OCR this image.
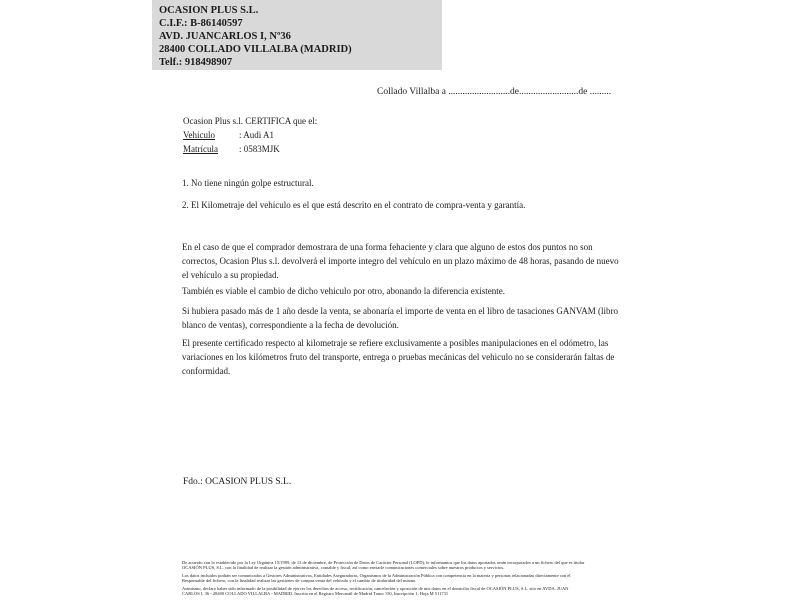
OCASION PLUS S.L.
C.I.F.: B-86140597
AVD. JUANCARLOS I, Nº36
28400 COLLADO VILLALBA (MADRID)
Telf.: 918498907
Collado Villalba a ..........................de.........................de .........
Ocasion Plus s.l. CERTIFICA que el:
Vehículo	: Audi A1
Matrícula	: 0583MJK
1. No tiene ningún golpe estructural.
2. El Kilometraje del vehículo es el que está descrito en el contrato de compra-venta y garantía.
En el caso de que el comprador demostrara de una forma fehaciente y clara que alguno de estos dos puntos no son correctos, Ocasion Plus s.l. devolverá el importe integro del vehículo en un plazo máximo de 48 horas, pasando de nuevo el vehículo a su propiedad.
También es viable el cambio de dicho vehiculo por otro, abonando la diferencia existente.
Si hubiera pasado más de 1 año desde la venta, se abonaría el importe de venta en el libro de tasaciones GANVAM (libro blanco de ventas), correspondiente a la fecha de devolución.
El presente certificado respecto al kilometraje se refiere exclusivamente a posibles manipulaciones en el odómetro, las variaciones en los kilómetros fruto del transporte, entrega o pruebas mecánicas del vehiculo no se considerarán faltas de conformidad.
Fdo.: OCASION PLUS S.L.
De acuerdo con lo establecido por la Ley Orgánica 15/1999, de 13 de diciembre, de Protección de Datos de Carácter Personal (LOPD), le informamos que los datos aportados serán incorporados a un fichero del que es titular
OCASIÓN PLUS, S.L. con la finalidad de realizar la gestión administrativa, contable y fiscal, así como enviarle comunicaciones comerciales sobre nuestros productos y servicios.
Los datos incluidos podrán ser comunicados a Gestores Administrativos, Entidades Aseguradoras, Organismos de la Administración Pública con competencia en la materia y personas relacionadas directamente con el
Responsable del fichero, con la finalidad realizar las gestiones de compra venta del vehículo y el cambio de titularidad del mismo.
Asimismo, declaro haber sido informado de la posibilidad de ejercer los derechos de acceso, rectificación, cancelación y oposición de mis datos en el domicilio fiscal de OCASIÓN PLUS, S.L. sito en AVDA. JUAN
CARLOS I, 36 - 28400 COLLADO VILLALBA - MADRID. Inscrita en el Registro Mercantil de Madrid Tomo 150, Inscripción 1, Hoja M 511731
